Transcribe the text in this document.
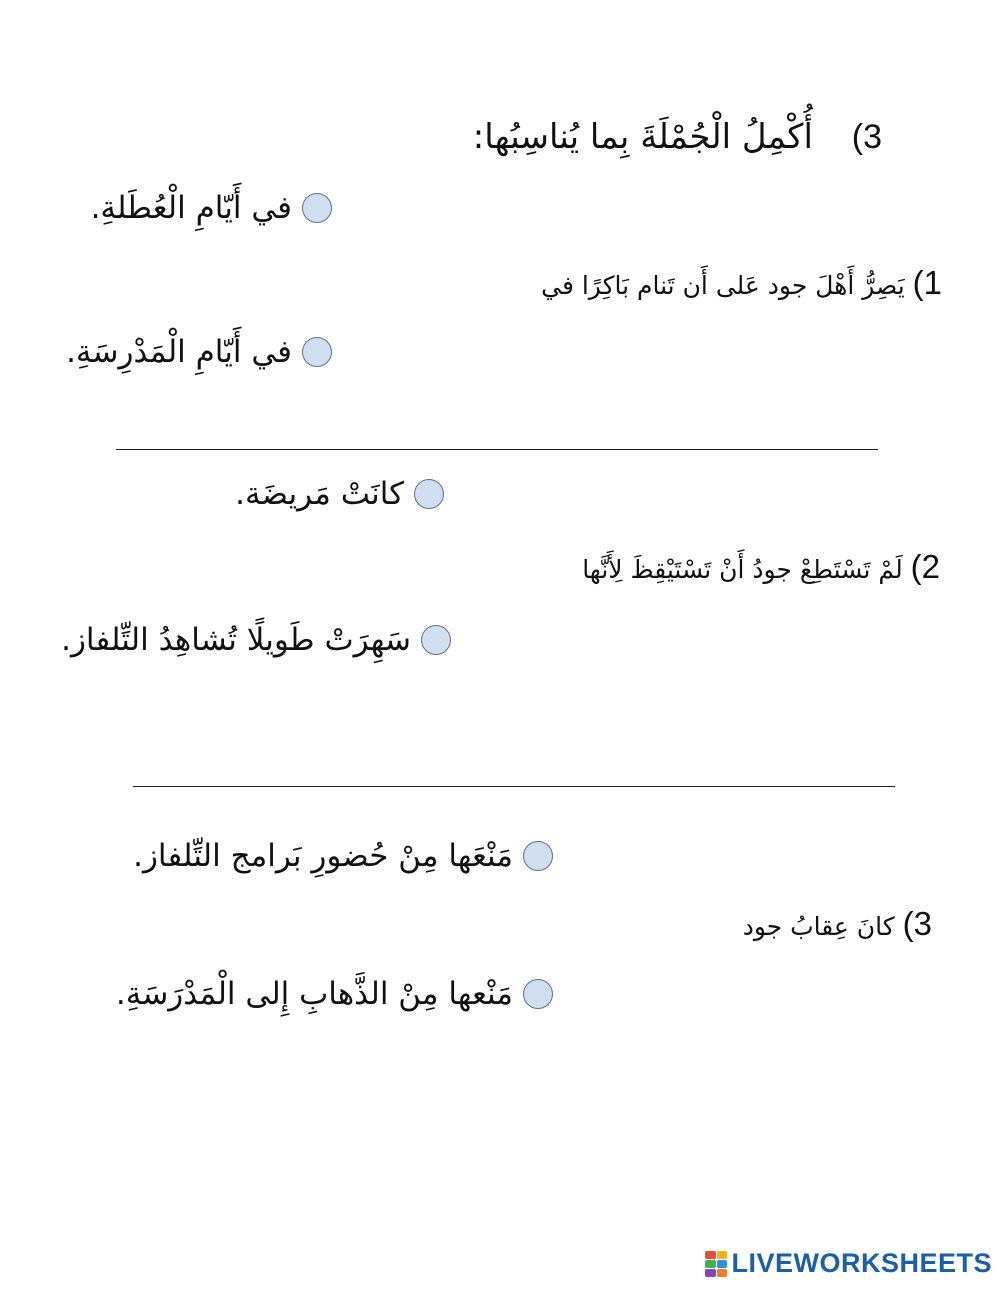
3) أُكْمِلُ الْجُمْلَةَ بِما يُناسِبُها:
في أَيّامِ الْعُطَلةِ.
1) يَصِرُّ أَهْلَ جود عَلى أَن تَنام بَاكِرًا في
في أَيّامِ الْمَدْرِسَةِ.
كانَتْ مَريضَة.
2) لَمْ تَسْتَطِعْ جودُ أَنْ تَسْتَيْقِظَ لِأَنَّها
سَهِرَتْ طَويلًا تُشاهِدُ التِّلفاز.
مَنْعَها مِنْ حُضورِ بَرامج التِّلفاز.
3) كانَ عِقابُ جود
مَنْعها مِنْ الذَّهابِ إِلى الْمَدْرَسَةِ.
LIVEWORKSHEETS
